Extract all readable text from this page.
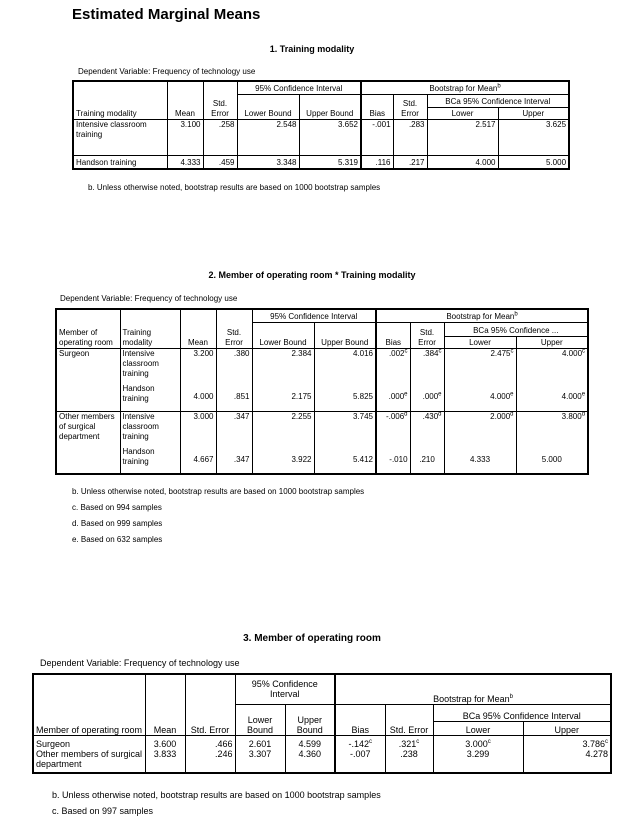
Estimated Marginal Means
1. Training modality
Dependent Variable: Frequency of technology use
Training modality	Mean	Std. Error	95% Confidence Interval		Bootstrap for Mean$^b$
			Lower Bound	Upper Bound	Bias	Std. Error	BCa 95% Confidence Interval	
							Lower	Upper
Intensive classroom training	3.100	.258	2.548	3.652	-.001	.283	2.517	3.625
Handson training	4.333	.459	3.348	5.319	.116	.217	4.000	5.000
b. Unless otherwise noted, bootstrap results are based on 1000 bootstrap samples
2. Member of operating room * Training modality
Dependent Variable: Frequency of technology use
Member of operating room	Training modality	Mean	Std. Error	95% Confidence Interval		Bootstrap for Mean$^b$
				Lower Bound	Upper Bound	Bias	Std. Error	BCa 95% Confidence ...	
								Lower	Upper
Surgeon	Intensive classroom training	3.200	.380	2.384	4.016	.002$^c$	.384$^c$	2.475$^c$	4.000$^c$
	Handson training	4.000	.851	2.175	5.825	.000e	.000e	4.000e	4.000e
Other members of surgical department	Intensive classroom training	3.000	.347	2.255	3.745	-.006$^d$	.430$^d$	2.000$^d$	3.800$^d$
	Handson training	4.667	.347	3.922	5.412	-.010	.210	4.333	5.000
b. Unless otherwise noted, bootstrap results are based on 1000 bootstrap samples
c. Based on 994 samples
d. Based on 999 samples
e. Based on 632 samples
3. Member of operating room
Dependent Variable: Frequency of technology use
Member of operating room	Mean	Std. Error	95% Confidence Interval		Bootstrap for Mean$^b$
			Lower Bound	Upper Bound	Bias	Std. Error	BCa 95% Confidence Interval	
							Lower	Upper
Surgeon	3.600	.466	2.601	4.599	-.142$^c$	.321$^c$	3.000$^c$	3.786$^c$
Other members of surgical department	3.833	.246	3.307	4.360	-.007	.238	3.299	4.278
b. Unless otherwise noted, bootstrap results are based on 1000 bootstrap samples
c. Based on 997 samples
